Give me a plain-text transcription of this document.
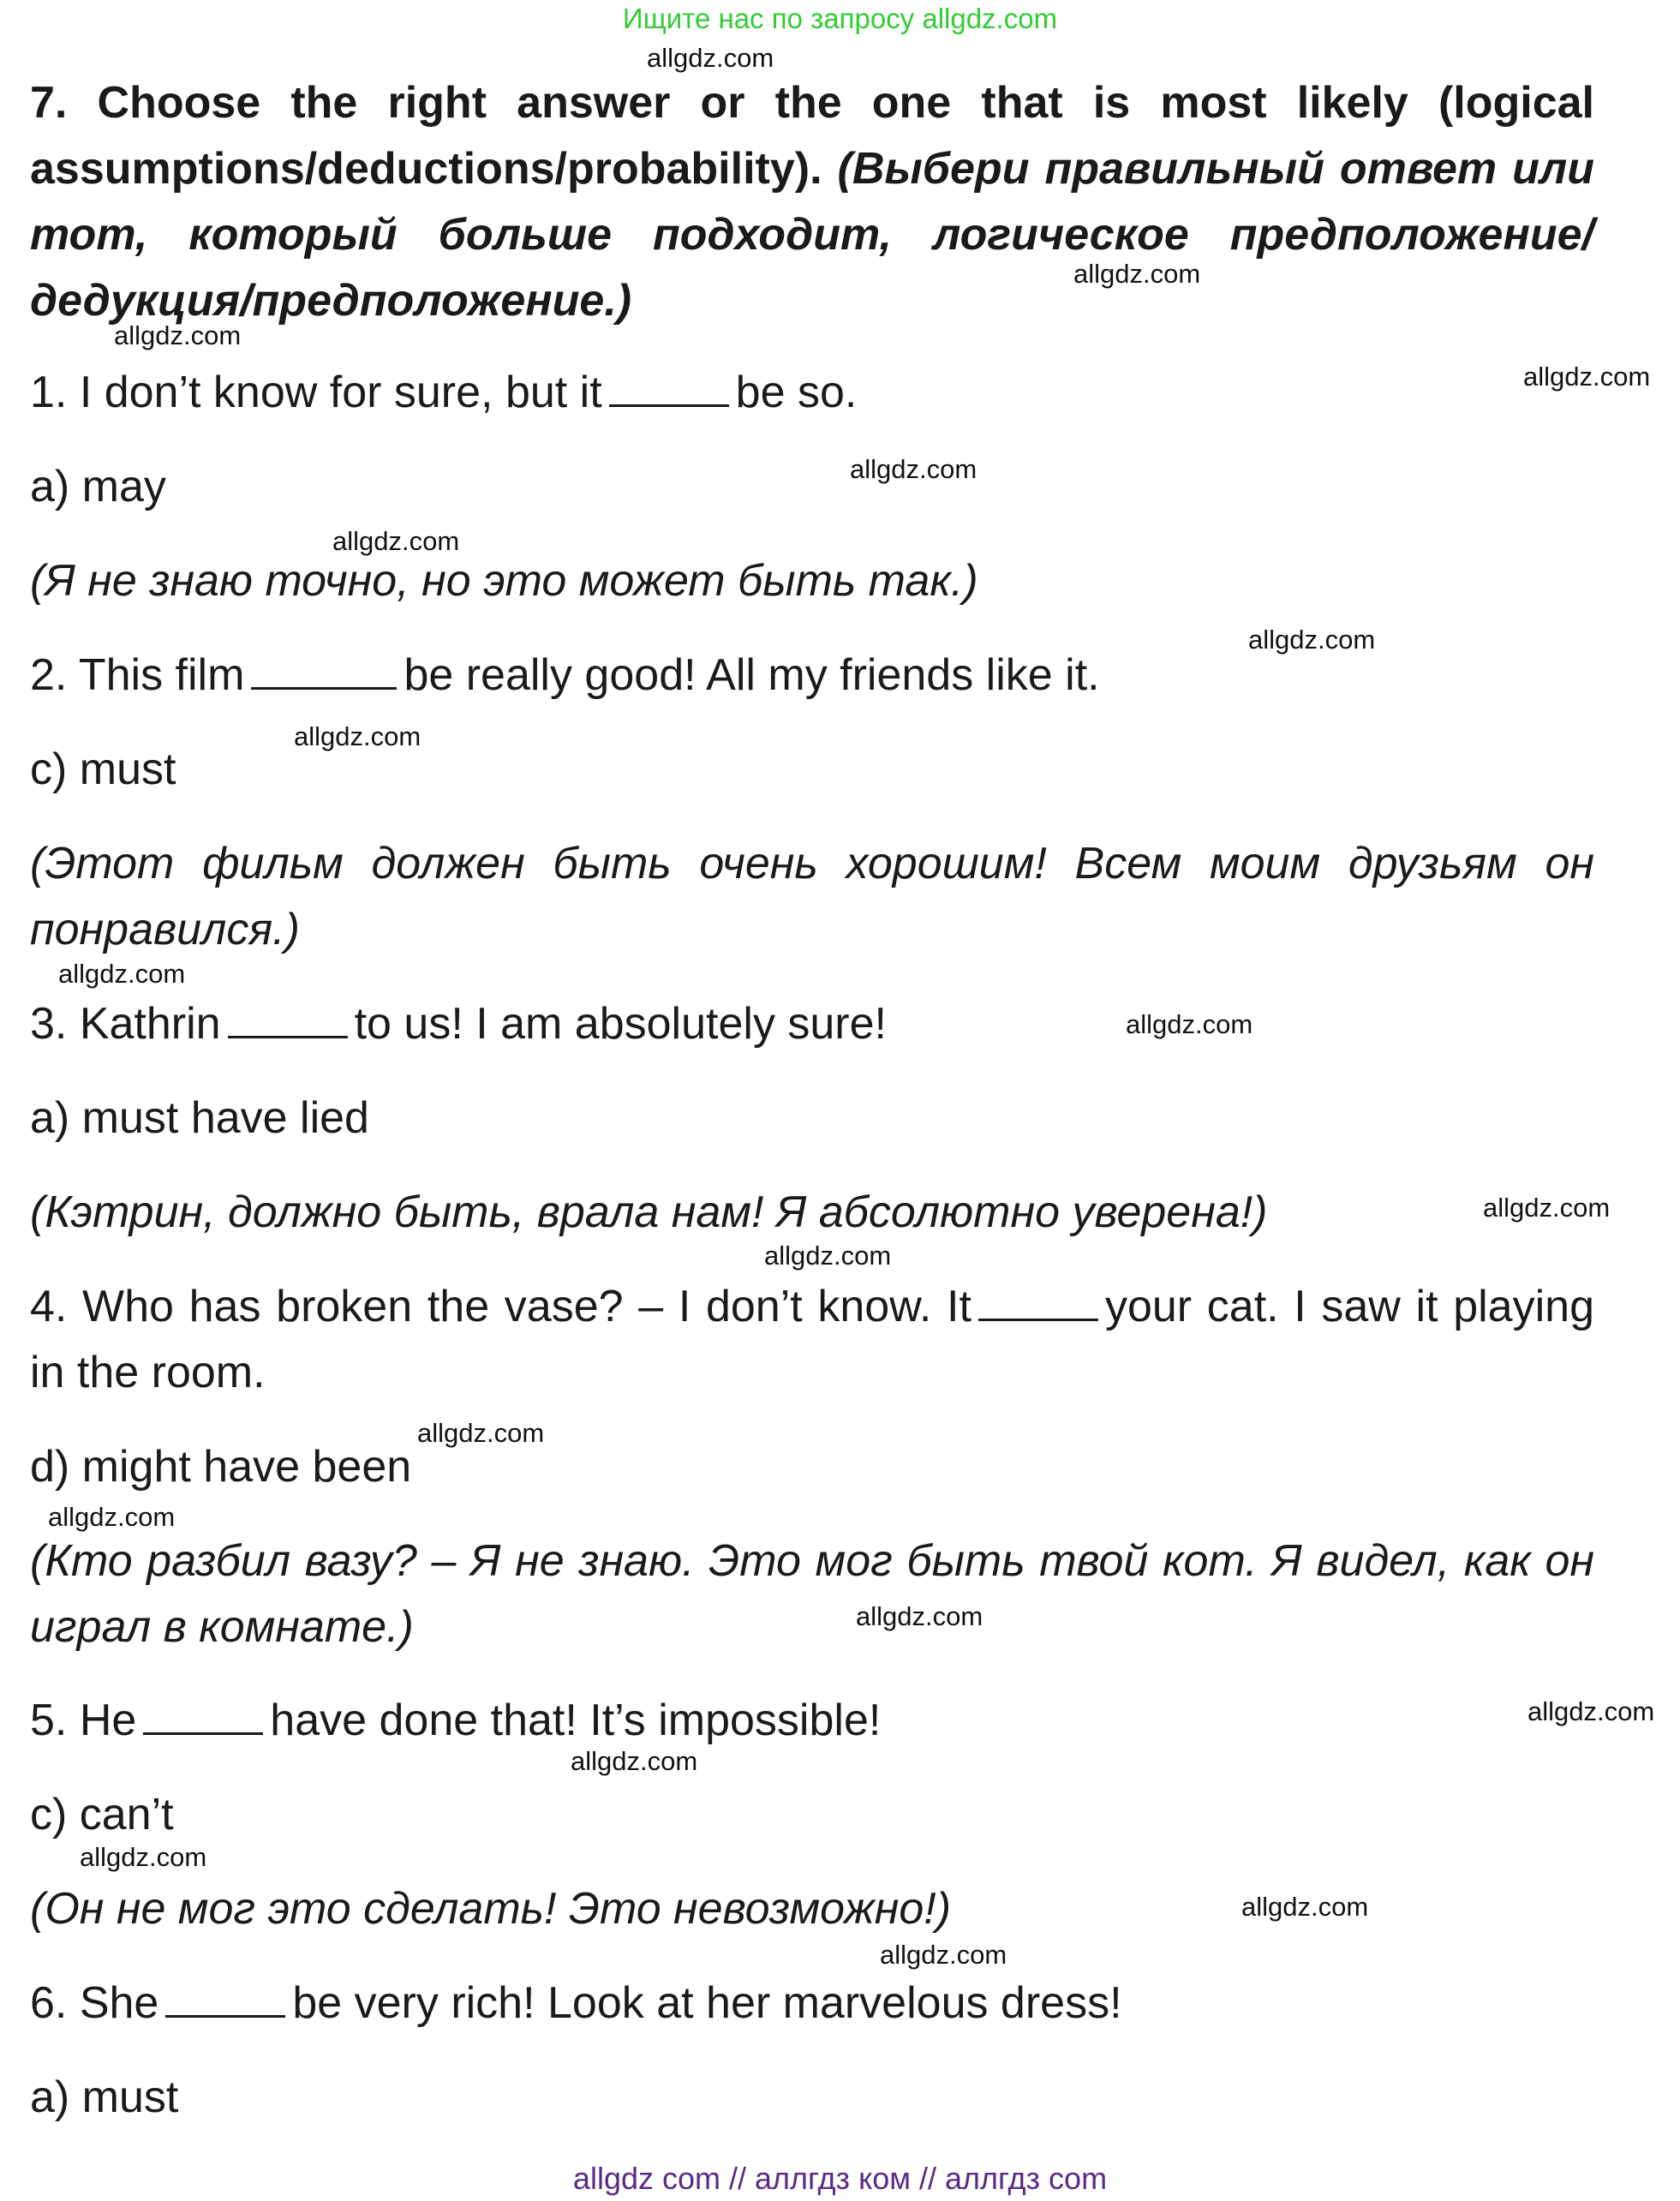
Ищите нас по запросу allgdz.com
allgdz.com
allgdz.com
allgdz.com
allgdz.com
allgdz.com
allgdz.com
allgdz.com
allgdz.com
allgdz.com
allgdz.com
allgdz.com
allgdz.com
allgdz.com
allgdz.com
allgdz.com
allgdz.com
allgdz.com
allgdz.com
allgdz.com
allgdz.com
7. Choose the right answer or the one that is most likely (logical assumptions/deductions/probability). (Выбери правильный ответ или тот, который больше подходит, логическое предположение/дедукция/предположение.)
1. I don’t know for sure, but it	be so.
a) may
(Я не знаю точно, но это может быть так.)
2. This film	be really good! All my friends like it.
c) must
(Этот фильм должен быть очень хорошим! Всем моим друзьям он понравился.)
3. Kathrin	to us! I am absolutely sure!
a) must have lied
(Кэтрин, должно быть, врала нам! Я абсолютно уверена!)
4. Who has broken the vase? – I don’t know. It	your cat. I saw it playing in the room.
d) might have been
(Кто разбил вазу? – Я не знаю. Это мог быть твой кот. Я видел, как он играл в комнате.)
5. He	have done that! It’s impossible!
c) can’t
(Он не мог это сделать! Это невозможно!)
6. She	be very rich! Look at her marvelous dress!
a) must
allgdz com // аллгдз ком // аллгдз com
